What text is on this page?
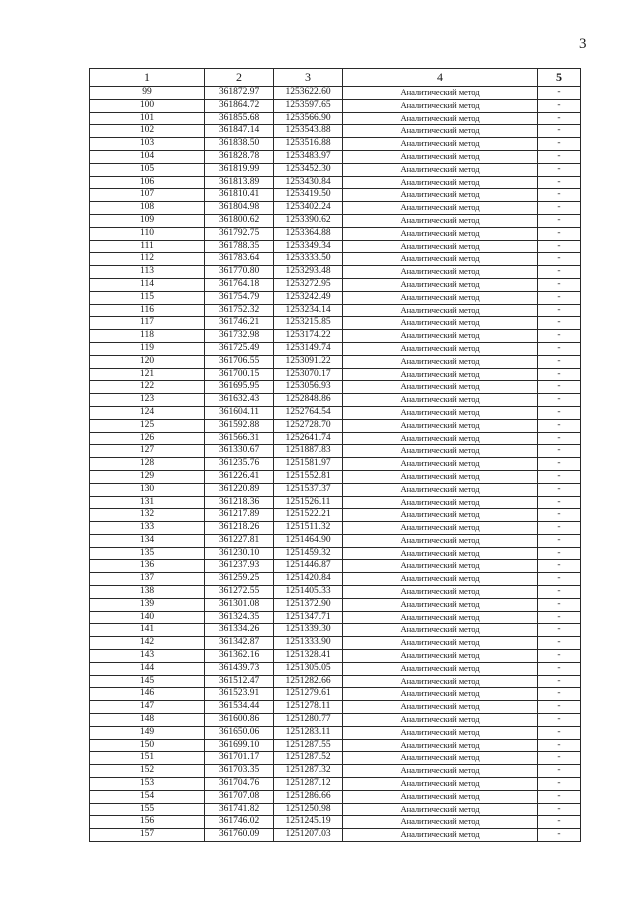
3
1	2	3	4	5
99	361872.97	1253622.60	Аналитический метод	-
100	361864.72	1253597.65	Аналитический метод	-
101	361855.68	1253566.90	Аналитический метод	-
102	361847.14	1253543.88	Аналитический метод	-
103	361838.50	1253516.88	Аналитический метод	-
104	361828.78	1253483.97	Аналитический метод	-
105	361819.99	1253452.30	Аналитический метод	-
106	361813.89	1253430.84	Аналитический метод	-
107	361810.41	1253419.50	Аналитический метод	-
108	361804.98	1253402.24	Аналитический метод	-
109	361800.62	1253390.62	Аналитический метод	-
110	361792.75	1253364.88	Аналитический метод	-
111	361788.35	1253349.34	Аналитический метод	-
112	361783.64	1253333.50	Аналитический метод	-
113	361770.80	1253293.48	Аналитический метод	-
114	361764.18	1253272.95	Аналитический метод	-
115	361754.79	1253242.49	Аналитический метод	-
116	361752.32	1253234.14	Аналитический метод	-
117	361746.21	1253215.85	Аналитический метод	-
118	361732.98	1253174.22	Аналитический метод	-
119	361725.49	1253149.74	Аналитический метод	-
120	361706.55	1253091.22	Аналитический метод	-
121	361700.15	1253070.17	Аналитический метод	-
122	361695.95	1253056.93	Аналитический метод	-
123	361632.43	1252848.86	Аналитический метод	-
124	361604.11	1252764.54	Аналитический метод	-
125	361592.88	1252728.70	Аналитический метод	-
126	361566.31	1252641.74	Аналитический метод	-
127	361330.67	1251887.83	Аналитический метод	-
128	361235.76	1251581.97	Аналитический метод	-
129	361226.41	1251552.81	Аналитический метод	-
130	361220.89	1251537.37	Аналитический метод	-
131	361218.36	1251526.11	Аналитический метод	-
132	361217.89	1251522.21	Аналитический метод	-
133	361218.26	1251511.32	Аналитический метод	-
134	361227.81	1251464.90	Аналитический метод	-
135	361230.10	1251459.32	Аналитический метод	-
136	361237.93	1251446.87	Аналитический метод	-
137	361259.25	1251420.84	Аналитический метод	-
138	361272.55	1251405.33	Аналитический метод	-
139	361301.08	1251372.90	Аналитический метод	-
140	361324.35	1251347.71	Аналитический метод	-
141	361334.26	1251339.30	Аналитический метод	-
142	361342.87	1251333.90	Аналитический метод	-
143	361362.16	1251328.41	Аналитический метод	-
144	361439.73	1251305.05	Аналитический метод	-
145	361512.47	1251282.66	Аналитический метод	-
146	361523.91	1251279.61	Аналитический метод	-
147	361534.44	1251278.11	Аналитический метод	-
148	361600.86	1251280.77	Аналитический метод	-
149	361650.06	1251283.11	Аналитический метод	-
150	361699.10	1251287.55	Аналитический метод	-
151	361701.17	1251287.52	Аналитический метод	-
152	361703.35	1251287.32	Аналитический метод	-
153	361704.76	1251287.12	Аналитический метод	-
154	361707.08	1251286.66	Аналитический метод	-
155	361741.82	1251250.98	Аналитический метод	-
156	361746.02	1251245.19	Аналитический метод	-
157	361760.09	1251207.03	Аналитический метод	-
